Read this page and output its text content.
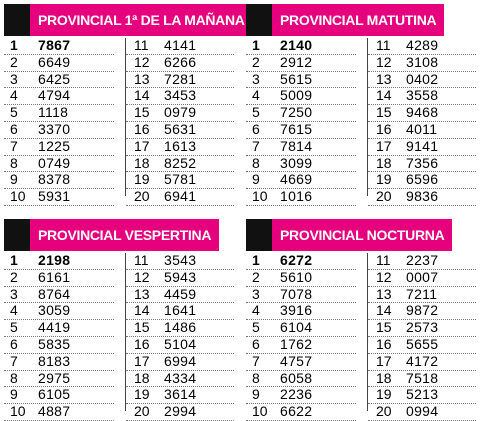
PROVINCIAL 1ª DE LA MAÑANA
1	7867
2	6649
3	6425
4	4794
5	1118
6	3370
7	1225
8	0749
9	8378
10 5931
11	4141
12	6266
13	7281
14	3453
15	0979
16	5631
17	1613
18	8252
19	5781
20	6941
PROVINCIAL MATUTINA
1	2140
2	2912
3	5615
4	5009
5	7250
6	7615
7	7814
8	3099
9	4669
10 1016
11	4289
12	3108
13	0402
14	3558
15	9468
16	4011
17	9141
18	7356
19	6596
20	9836
PROVINCIAL VESPERTINA
1	2198
2	6161
3	8764
4	3059
5	4419
6	5835
7	8183
8	2975
9	6105
10 4887
11	3543
12	5943
13	4459
14	1641
15	1486
16	5104
17	6994
18	4334
19	3614
20	2994
PROVINCIAL NOCTURNA
1	6272
2	5610
3	7078
4	3916
5	6104
6	1762
7	4757
8	6058
9	2236
10 6622
11	2237
12	0007
13	7211
14	9872
15	2573
16	5655
17	4172
18	7518
19	5213
20	0994
